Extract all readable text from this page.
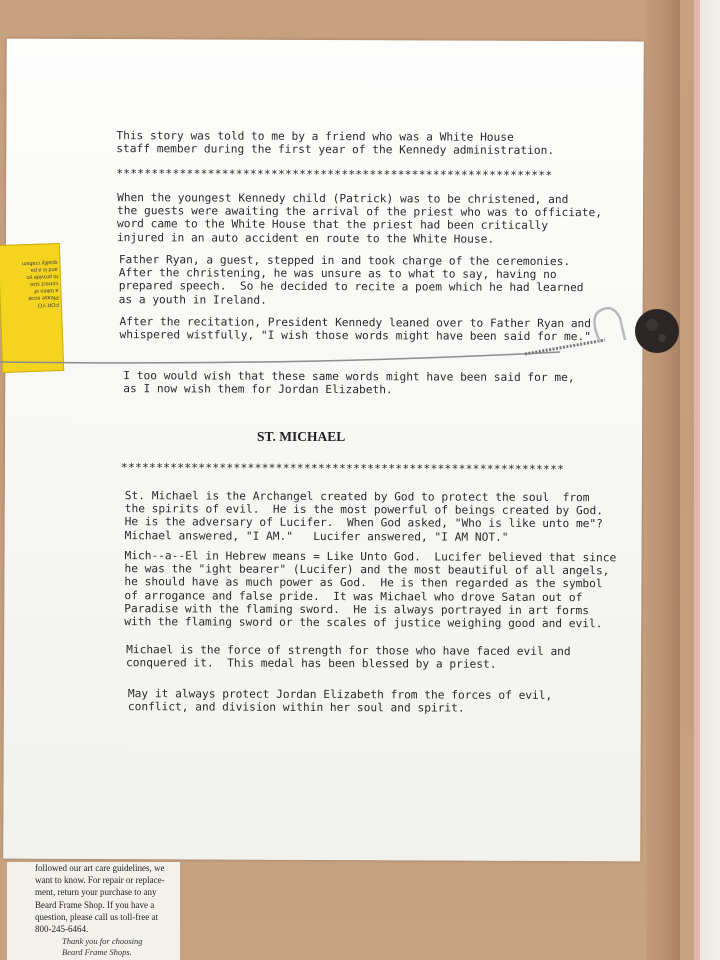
This story was told to me by a friend who was a White House
staff member during the first year of the Kennedy administration.
**************************************************************
When the youngest Kennedy child (Patrick) was to be christened, and
the guests were awaiting the arrival of the priest who was to officiate,
word came to the White House that the priest had been critically
injured in an auto accident en route to the White House.
Father Ryan, a guest, stepped in and took charge of the ceremonies.
After the christening, he was unsure as to what to say, having no
prepared speech.  So he decided to recite a poem which he had learned
as a youth in Ireland.
After the recitation, President Kennedy leaned over to Father Ryan and
whispered wistfully, "I wish those words might have been said for me."
I too would wish that these same words might have been said for me,
as I now wish them for Jordan Elizabeth.
***************************************************************
St. Michael is the Archangel created by God to protect the soul  from
the spirits of evil.  He is the most powerful of beings created by God.
He is the adversary of Lucifer.  When God asked, "Who is like unto me"?
Michael answered, "I AM."   Lucifer answered, "I AM NOT."
Mich--a--El in Hebrew means = Like Unto God.  Lucifer believed that since
he was the "ight bearer" (Lucifer) and the most beautiful of all angels,
he should have as much power as God.  He is then regarded as the symbol
of arrogance and false pride.  It was Michael who drove Satan out of
Paradise with the flaming sword.  He is always portrayed in art forms
with the flaming sword or the scales of justice weighing good and evil.
Michael is the force of strength for those who have faced evil and
conquered it.  This medal has been blessed by a priest.
May it always protect Jordan Elizabeth from the forces of evil,
conflict, and division within her soul and spirit.
ST. MICHAEL
FOR YO
Please scrat
a token of
correct size
to provide yo
and is a pa
quality craftsm
followed our art care guidelines, we
want to know. For repair or replace-
ment, return your purchase to any
Beard Frame Shop. If you have a
question, please call us toll-free at
800-245-6464.
Thank you for choosing
Beard Frame Shops.
